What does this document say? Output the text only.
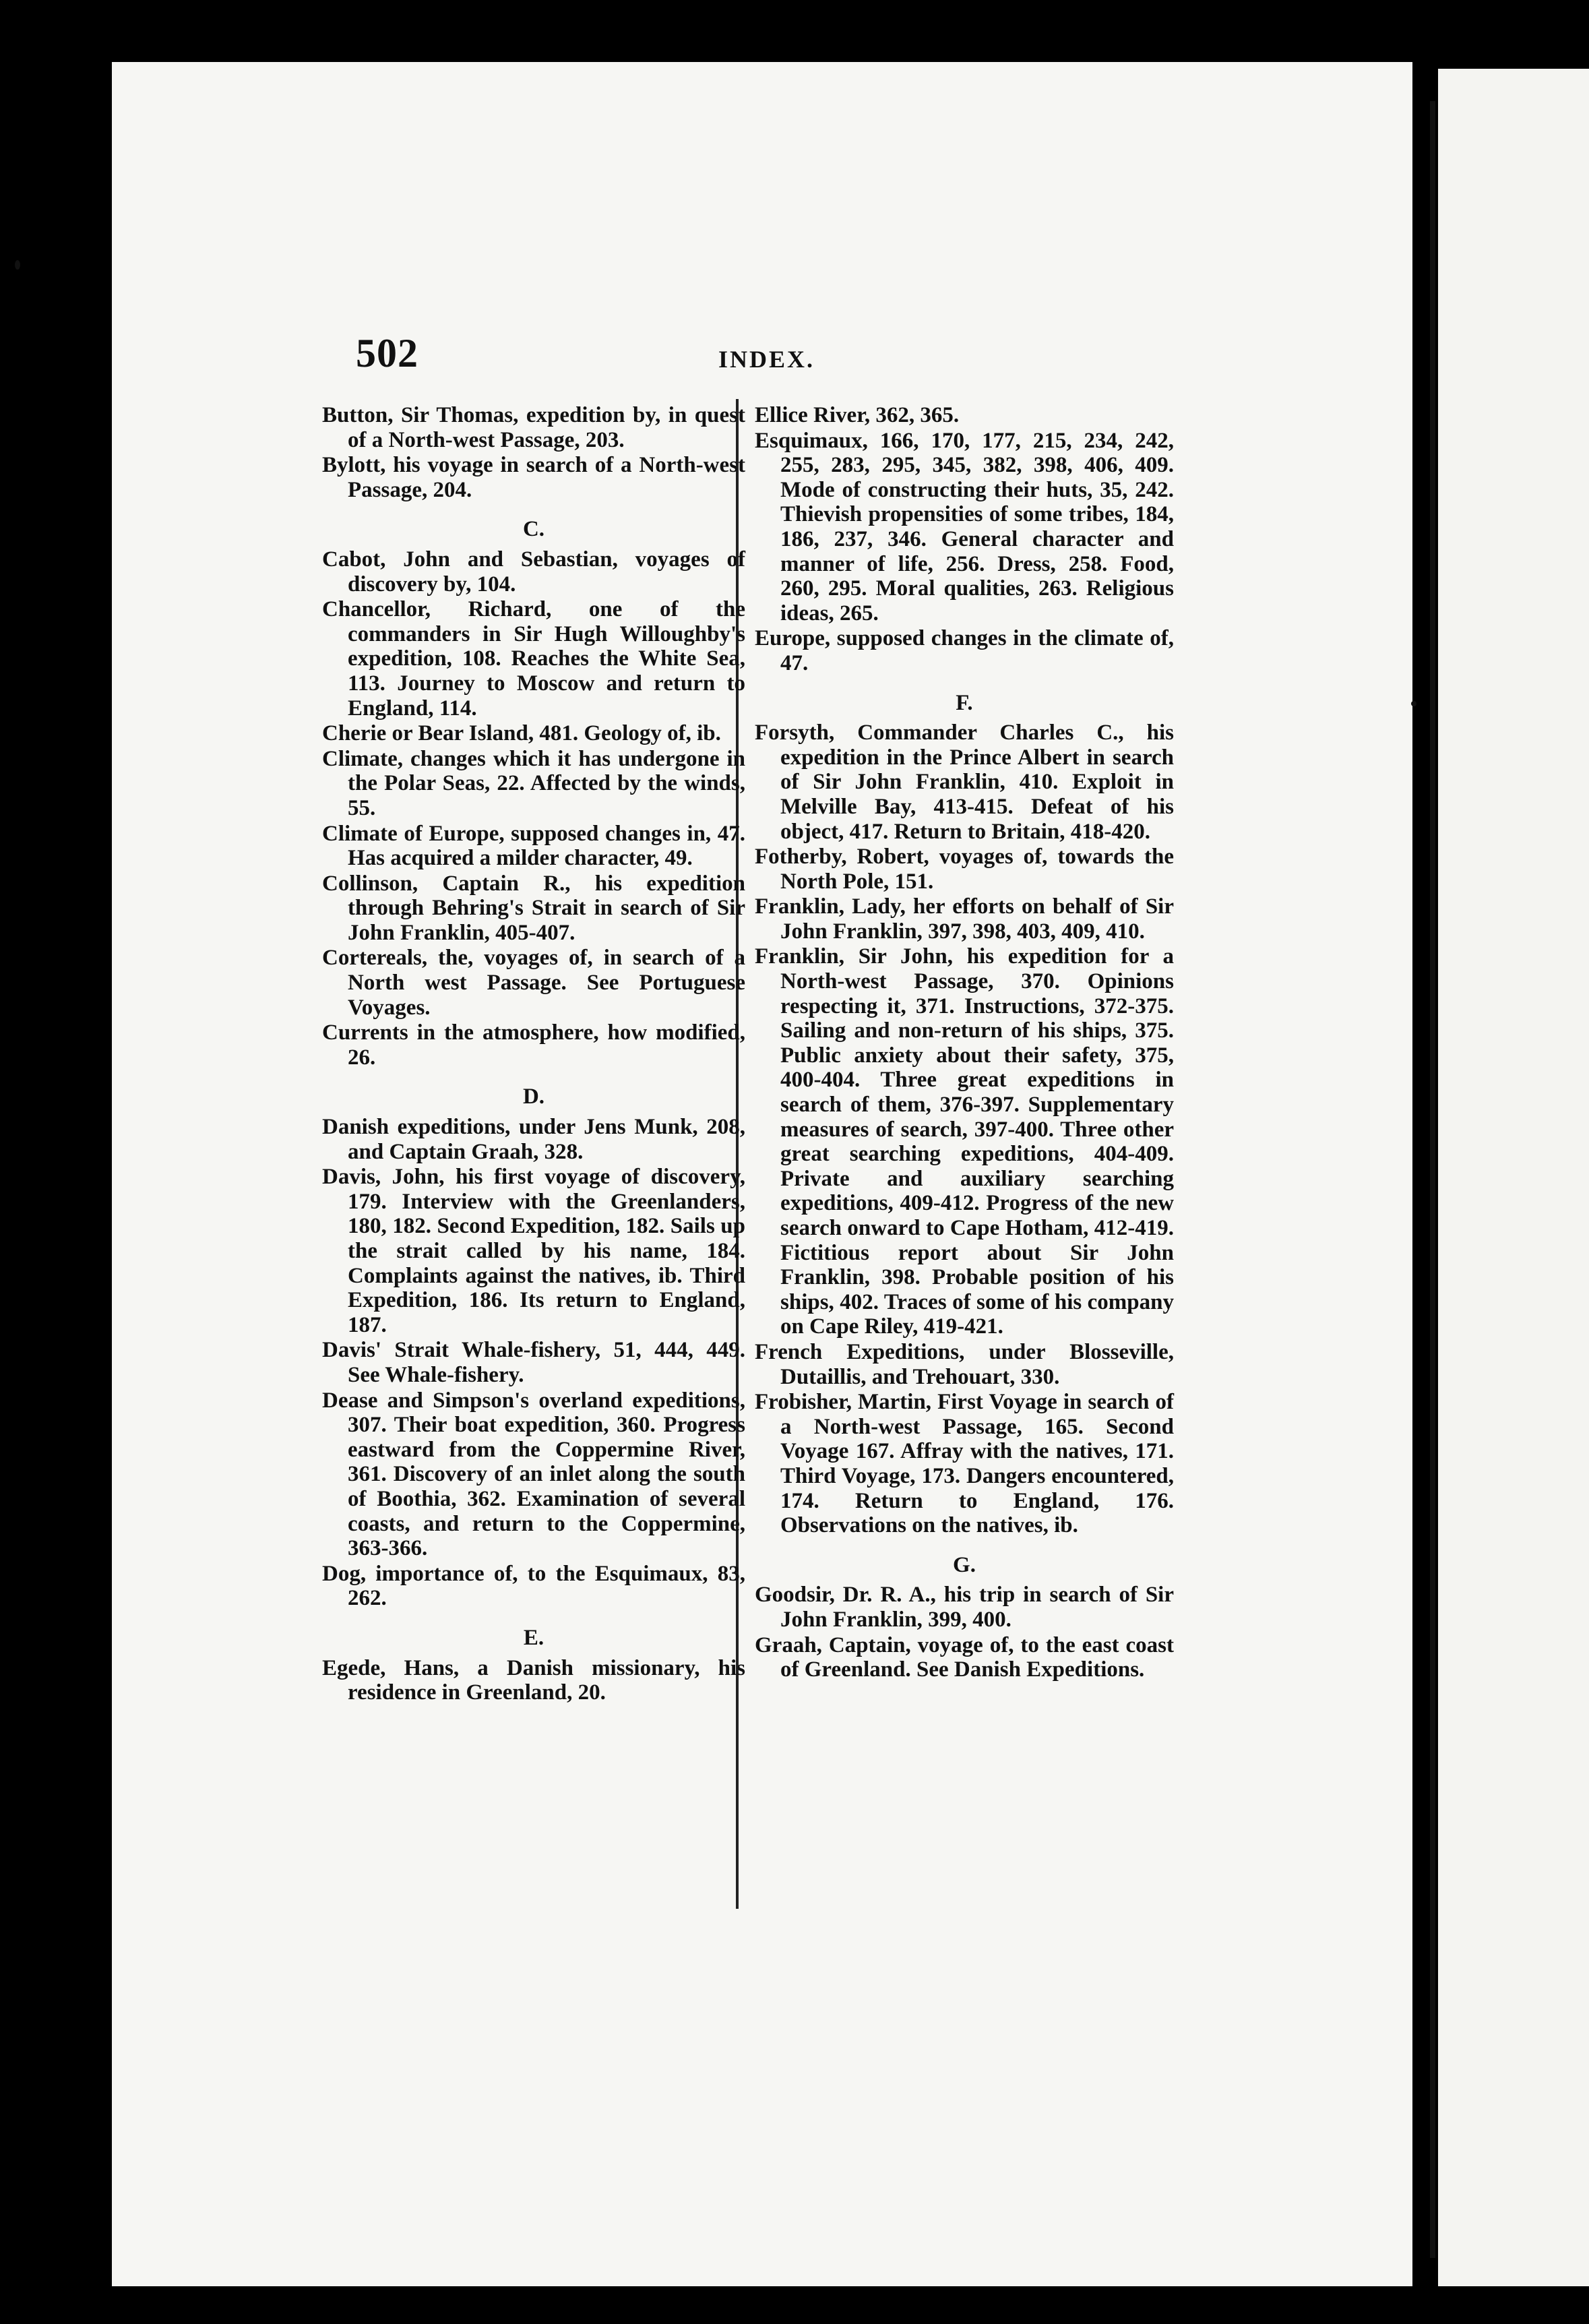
502	INDEX.

Button, Sir Thomas, expedition by, in quest of a North-west Passage, 203.

Bylott, his voyage in search of a North-west Passage, 204.

C.

Cabot, John and Sebastian, voyages of discovery by, 104.

Chancellor, Richard, one of the commanders in Sir Hugh Willoughby's expedition, 108. Reaches the White Sea, 113. Journey to Moscow and return to England, 114.

Cherie or Bear Island, 481. Geology of, ib.

Climate, changes which it has undergone in the Polar Seas, 22. Affected by the winds, 55.

Climate of Europe, supposed changes in, 47. Has acquired a milder character, 49.

Collinson, Captain R., his expedition through Behring's Strait in search of Sir John Franklin, 405-407.

Cortereals, the, voyages of, in search of a North west Passage. See Portuguese Voyages.

Currents in the atmosphere, how modified, 26.

D.

Danish expeditions, under Jens Munk, 208, and Captain Graah, 328.

Davis, John, his first voyage of discovery, 179. Interview with the Greenlanders, 180, 182. Second Expedition, 182. Sails up the strait called by his name, 184. Complaints against the natives, ib. Third Expedition, 186. Its return to England, 187.

Davis' Strait Whale-fishery, 51, 444, 449. See Whale-fishery.

Dease and Simpson's overland expeditions, 307. Their boat expedition, 360. Progress eastward from the Coppermine River, 361. Discovery of an inlet along the south of Boothia, 362. Examination of several coasts, and return to the Coppermine, 363-366.

Dog, importance of, to the Esquimaux, 83, 262.

E.

Egede, Hans, a Danish missionary, his residence in Greenland, 20.

Ellice River, 362, 365.

Esquimaux, 166, 170, 177, 215, 234, 242, 255, 283, 295, 345, 382, 398, 406, 409. Mode of constructing their huts, 35, 242. Thievish propensities of some tribes, 184, 186, 237, 346. General character and manner of life, 256. Dress, 258. Food, 260, 295. Moral qualities, 263. Religious ideas, 265.

Europe, supposed changes in the climate of, 47.

F.

Forsyth, Commander Charles C., his expedition in the Prince Albert in search of Sir John Franklin, 410. Exploit in Melville Bay, 413-415. Defeat of his object, 417. Return to Britain, 418-420.

Fotherby, Robert, voyages of, towards the North Pole, 151.

Franklin, Lady, her efforts on behalf of Sir John Franklin, 397, 398, 403, 409, 410.

Franklin, Sir John, his expedition for a North-west Passage, 370. Opinions respecting it, 371. Instructions, 372-375. Sailing and non-return of his ships, 375. Public anxiety about their safety, 375, 400-404. Three great expeditions in search of them, 376-397. Supplementary measures of search, 397-400. Three other great searching expeditions, 404-409. Private and auxiliary searching expeditions, 409-412. Progress of the new search onward to Cape Hotham, 412-419. Fictitious report about Sir John Franklin, 398. Probable position of his ships, 402. Traces of some of his company on Cape Riley, 419-421.

French Expeditions, under Blosseville, Dutaillis, and Trehouart, 330.

Frobisher, Martin, First Voyage in search of a North-west Passage, 165. Second Voyage 167. Affray with the natives, 171. Third Voyage, 173. Dangers encountered, 174. Return to England, 176. Observations on the natives, ib.

G.

Goodsir, Dr. R. A., his trip in search of Sir John Franklin, 399, 400.

Graah, Captain, voyage of, to the east coast of Greenland. See Danish Expeditions.
